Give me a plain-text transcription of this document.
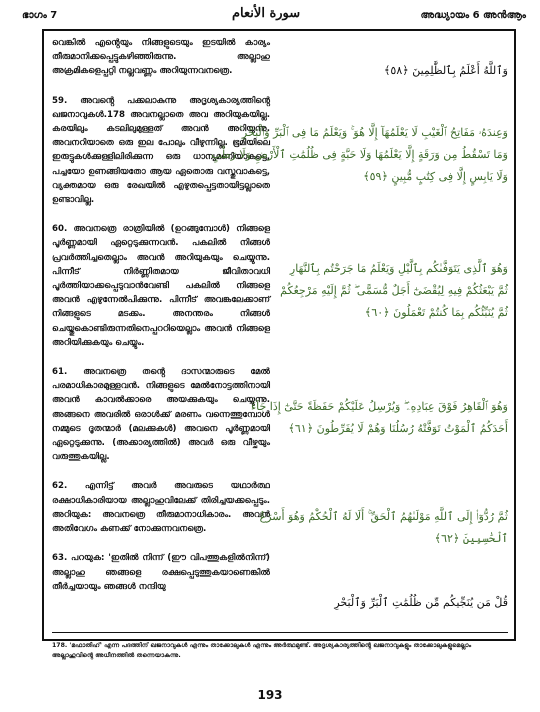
ഭാഗം 7	سورة الأنعام	അദ്ധ്യായം 6 അൻആം

വെങ്കിൽ എൻ്റെയും നിങ്ങളുടെയും ഇടയിൽ കാര്യം തീരുമാനിക്കപ്പെട്ടുകഴിഞ്ഞിരുന്നു. അല്ലാഹു അക്രമികളെപ്പറ്റി നല്ലവണ്ണം അറിയുന്നവനത്രെ.

59. അവൻ്റെ പക്കലാകുന്നു അദൃശ്യകാര്യത്തിൻ്റെ ഖജനാവുകൾ.178 അവനല്ലാതെ അവ അറിയുകയില്ല. കരയിലും കടലിലുമുള്ളത് അവൻ അറിയുന്നു. അവനറിയാതെ ഒരു ഇല പോലും വീഴുന്നില്ല. ഭൂമിയിലെ ഇരുട്ടുകൾക്കുള്ളിലിരിക്കുന്ന ഒരു ധാന്യമണിയാകട്ടെ, പച്ചയോ ഉണങ്ങിയതോ ആയ ഏതൊരു വസ്തുവാകട്ടെ, വ്യക്തമായ ഒരു രേഖയിൽ എഴുതപ്പെട്ടതായിട്ടല്ലാതെ ഉണ്ടാവില്ല.

60. അവനത്രെ രാത്രിയിൽ (ഉറങ്ങുമ്പോൾ) നിങ്ങളെ പൂർണ്ണമായി ഏറ്റെടുക്കുന്നവൻ. പകലിൽ നിങ്ങൾ പ്രവർത്തിച്ചതെല്ലാം അവൻ അറിയുകയും ചെയ്യുന്നു. പിന്നീട് നിർണ്ണിതമായ ജീവിതാവധി പൂർത്തിയാക്കപ്പെടുവാൻവേണ്ടി പകലിൽ നിങ്ങളെ അവൻ എഴുന്നേൽപിക്കുന്നു. പിന്നീട് അവങ്കലേക്കാണ് നിങ്ങളുടെ മടക്കം. അനന്തരം നിങ്ങൾ ചെയ്തുകൊണ്ടിരുന്നതിനെപ്പററിയെല്ലാം അവൻ നിങ്ങളെ അറിയിക്കുകയും ചെയ്യും.

61. അവനത്രെ തൻ്റെ ദാസന്മാരുടെ മേൽ പരമാധികാരമുള്ളവൻ. നിങ്ങളുടെ മേൽനോട്ടത്തിനായി അവൻ കാവൽക്കാരെ അയക്കുകയും ചെയ്യുന്നു. അങ്ങനെ അവരിൽ ഒരാൾക്ക് മരണം വന്നെത്തുമ്പോൾ നമ്മുടെ ദൂതന്മാർ (മലക്കുകൾ) അവനെ പൂർണ്ണമായി ഏറ്റെടുക്കുന്നു. (അക്കാര്യത്തിൽ) അവർ ഒരു വീഴ്ചയും വരുത്തുകയില്ല.

62. എന്നിട്ട് അവർ അവരുടെ യഥാർത്ഥ രക്ഷാധികാരിയായ അല്ലാഹുവിലേക്ക് തിരിച്ചയക്കപ്പെടും. അറിയുക: അവനത്രെ തീരുമാനാധികാരം. അവൻ അതിവേഗം കണക്ക് നോക്കുന്നവനത്രെ.

63. പറയുക: 'ഇതിൽ നിന്ന് (ഈ വിപത്തുകളിൽനിന്ന്) അല്ലാഹു ഞങ്ങളെ രക്ഷപ്പെടുത്തുകയാണെങ്കിൽ തീർച്ചയായും ഞങ്ങൾ നന്ദിയു

وَٱللَّهُ أَعْلَمُ بِٱلظَّٰلِمِينَ ﴿٥٨﴾
وَعِندَهُۥ مَفَاتِحُ ٱلْغَيْبِ لَا يَعْلَمُهَآ إِلَّا هُوَ ۚ وَيَعْلَمُ مَا فِى ٱلْبَرِّ وَٱلْبَحْرِ ۚ
وَمَا تَسْقُطُ مِن وَرَقَةٍ إِلَّا يَعْلَمُهَا وَلَا حَبَّةٍ فِى ظُلُمَٰتِ ٱلْأَرْضِ وَلَا رَطْبٍ
وَلَا يَابِسٍ إِلَّا فِى كِتَٰبٍ مُّبِينٍ ﴿٥٩﴾
وَهُوَ ٱلَّذِى يَتَوَفَّىٰكُم بِٱلَّيْلِ وَيَعْلَمُ مَا جَرَحْتُم بِٱلنَّهَارِ
ثُمَّ يَبْعَثُكُمْ فِيهِ لِيُقْضَىٰٓ أَجَلٌ مُّسَمًّى ۖ ثُمَّ إِلَيْهِ مَرْجِعُكُمْ
ثُمَّ يُنَبِّئُكُم بِمَا كُنتُمْ تَعْمَلُونَ ﴿٦٠﴾
وَهُوَ ٱلْقَاهِرُ فَوْقَ عِبَادِهِۦ ۖ وَيُرْسِلُ عَلَيْكُمْ حَفَظَةً حَتَّىٰٓ إِذَا جَآءَ
أَحَدَكُمُ ٱلْمَوْتُ تَوَفَّتْهُ رُسُلُنَا وَهُمْ لَا يُفَرِّطُونَ ﴿٦١﴾
ثُمَّ رُدُّوٓا۟ إِلَى ٱللَّهِ مَوْلَىٰهُمُ ٱلْحَقِّ ۚ أَلَا لَهُ ٱلْحُكْمُ وَهُوَ أَسْرَعُ
ٱلْحَٰسِبِينَ ﴿٦٢﴾
قُلْ مَن يُنَجِّيكُم مِّن ظُلُمَٰتِ ٱلْبَرِّ وَٱلْبَحْرِ
178. 'മഫാതിഹ്' എന്ന പദത്തിന് ഖജനാവുകൾ എന്നും താക്കോലുകൾ എന്നും അർത്ഥമുണ്ട്. അദൃശ്യകാര്യത്തിൻ്റെ ഖജനാവുകളും താക്കോലുകളുമെല്ലാം അല്ലാഹുവിൻ്റെ അധീനത്തിൽ തന്നെയാകുന്നു.
193
